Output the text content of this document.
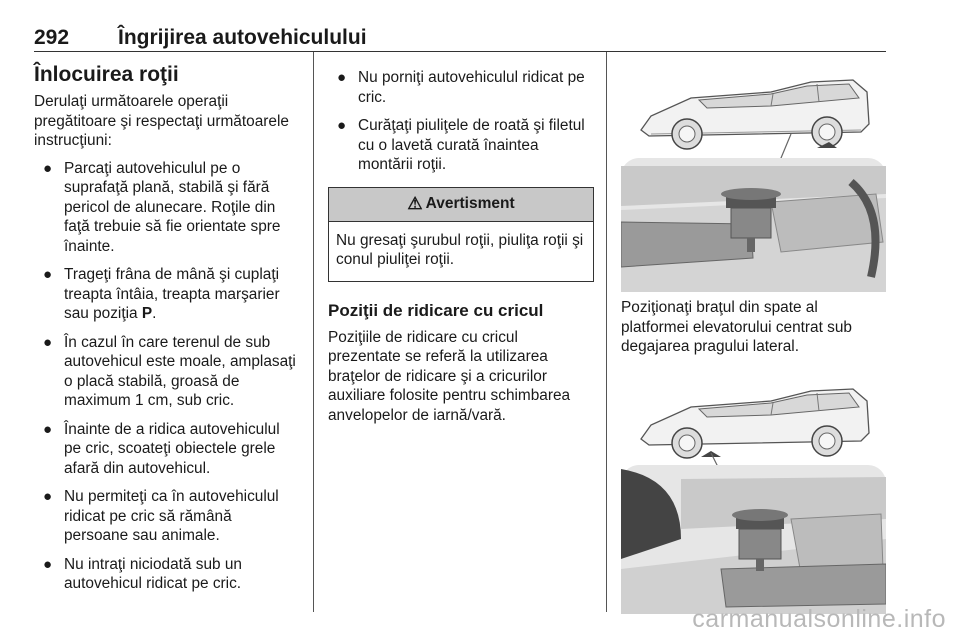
292 Îngrijirea autovehiculului
Înlocuirea roţii

Derulaţi următoarele operaţii pregătitoare şi respectaţi următoarele instrucţiuni:

● Parcaţi autovehiculul pe o suprafaţă plană, stabilă şi fără pericol de alunecare. Roţile din faţă trebuie să fie orientate spre înainte.
● Trageţi frâna de mână şi cuplaţi treapta întâia, treapta marşarier sau poziţia P.
● În cazul în care terenul de sub autovehicul este moale, amplasaţi o placă stabilă, groasă de maximum 1 cm, sub cric.
● Înainte de a ridica autovehiculul pe cric, scoateţi obiectele grele afară din autovehicul.
● Nu permiteţi ca în autovehiculul ridicat pe cric să rămână persoane sau animale.
● Nu intraţi niciodată sub un autovehicul ridicat pe cric.
● Nu porniţi autovehiculul ridicat pe cric.
● Curăţaţi piuliţele de roată şi filetul cu o lavetă curată înaintea montării roţii.
⚠ Avertisment
Nu gresaţi şurubul roţii, piuliţa roţii şi conul piuliţei roţii.
Poziţii de ridicare cu cricul

Poziţiile de ridicare cu cricul prezentate se referă la utilizarea braţelor de ridicare şi a cricurilor auxiliare folosite pentru schimbarea anvelopelor de iarnă/vară.

Poziţionaţi braţul din spate al platformei elevatorului centrat sub degajarea pragului lateral.

carmanualsonline.info
